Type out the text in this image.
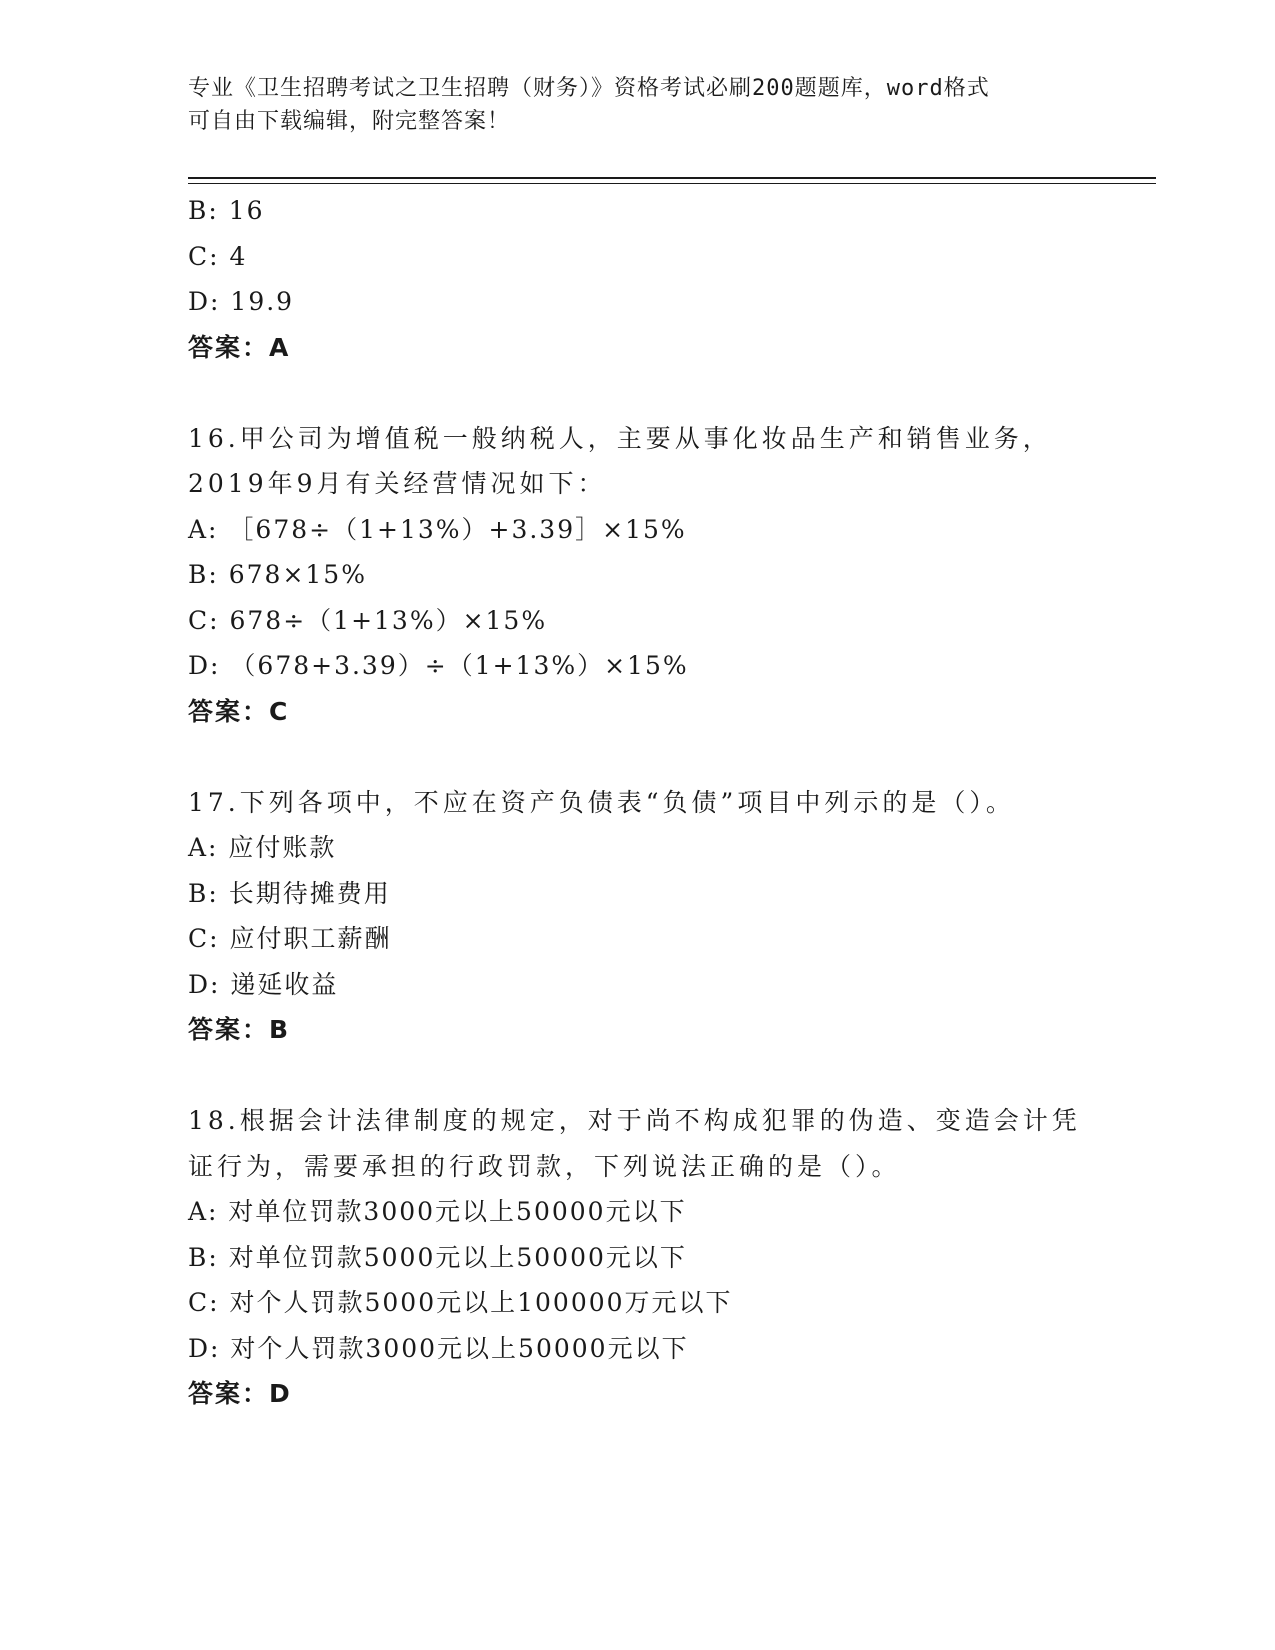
专业《卫生招聘考试之卫生招聘（财务）》资格考试必刷200题题库，word格式
可自由下载编辑，附完整答案！
B: 16
C: 4
D: 19.9
答案：A
16.甲公司为增值税一般纳税人，主要从事化妆品生产和销售业务，
2019年9月有关经营情况如下：
A: ［678÷（1+13%）+3.39］×15%
B: 678×15%
C: 678÷（1+13%）×15%
D: （678+3.39）÷（1+13%）×15%
答案：C
17.下列各项中，不应在资产负债表“负债”项目中列示的是（）。
A: 应付账款
B: 长期待摊费用
C: 应付职工薪酬
D: 递延收益
答案：B
18.根据会计法律制度的规定，对于尚不构成犯罪的伪造、变造会计凭
证行为，需要承担的行政罚款，下列说法正确的是（）。
A: 对单位罚款3000元以上50000元以下
B: 对单位罚款5000元以上50000元以下
C: 对个人罚款5000元以上100000万元以下
D: 对个人罚款3000元以上50000元以下
答案：D
